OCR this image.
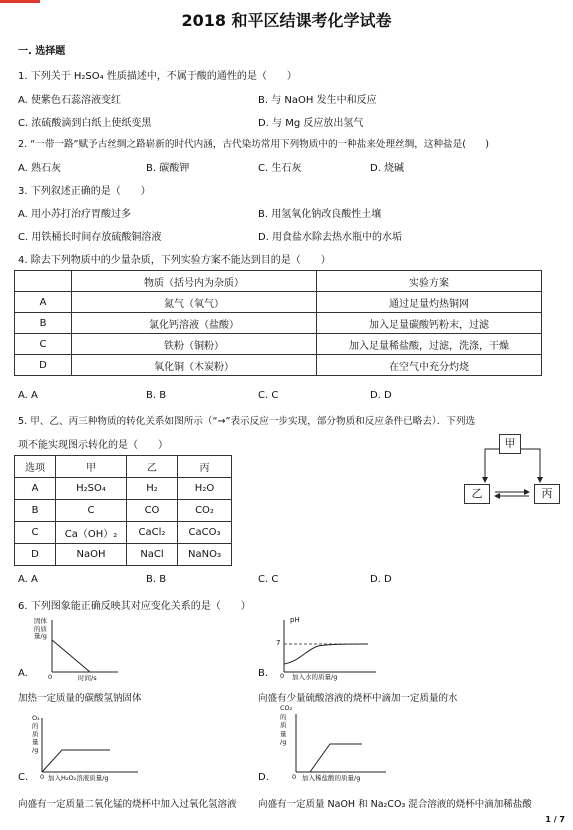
2018 和平区结课考化学试卷
一. 选择题
1. 下列关于 H₂SO₄ 性质描述中，不属于酸的通性的是（　　）
A. 使紫色石蕊溶液变红	B. 与 NaOH 发生中和反应
C. 浓硫酸滴到白纸上使纸变黑	D. 与 Mg 反应放出氢气
2. “一带一路”赋予古丝绸之路崭新的时代内涵，古代染坊常用下列物质中的一种盐来处理丝绸，这种盐是(　　)
A. 熟石灰	B. 碳酸钾	C. 生石灰	D. 烧碱
3. 下列叙述正确的是（　　）
A. 用小苏打治疗胃酸过多	B. 用氢氧化钠改良酸性土壤
C. 用铁桶长时间存放硫酸铜溶液	D. 用食盐水除去热水瓶中的水垢
4. 除去下列物质中的少量杂质，下列实验方案不能达到目的是（　　）
	物质（括号内为杂质）	实验方案
A	氮气（氧气）	通过足量灼热铜网
B	氯化钙溶液（盐酸）	加入足量碳酸钙粉末，过滤
C	铁粉（铜粉）	加入足量稀盐酸，过滤，洗涤，干燥
D	氧化铜（木炭粉）	在空气中充分灼烧
A. A	B. B	C. C	D. D
5. 甲、乙、丙三种物质的转化关系如图所示（“→”表示反应一步实现，部分物质和反应条件已略去）．下列选
项不能实现图示转化的是（　　）
选项	甲	乙	丙
A	H₂SO₄	H₂	H₂O
B	C	CO	CO₂
C	Ca（OH）₂	CaCl₂	CaCO₃
D	NaOH	NaCl	NaNO₃
甲
乙	丙
A. A	B. B	C. C	D. D
6. 下列图象能正确反映其对应变化关系的是（　　）
固体
的质
量/g
0	时间/s
A.
加热一定质量的碳酸氢钠固体
pH
7
0 加入水的质量/g
B.
向盛有少量硫酸溶液的烧杯中滴加一定质量的水
O₂
的
质
量
/g
0 加入H₂O₂溶液质量/g
C.
向盛有一定质量二氧化锰的烧杯中加入过氧化氢溶液
CO₂
的
质
量
/g
0 加入稀盐酸的质量/g
D.
向盛有一定质量 NaOH 和 Na₂CO₃ 混合溶液的烧杯中滴加稀盐酸
1 / 7
